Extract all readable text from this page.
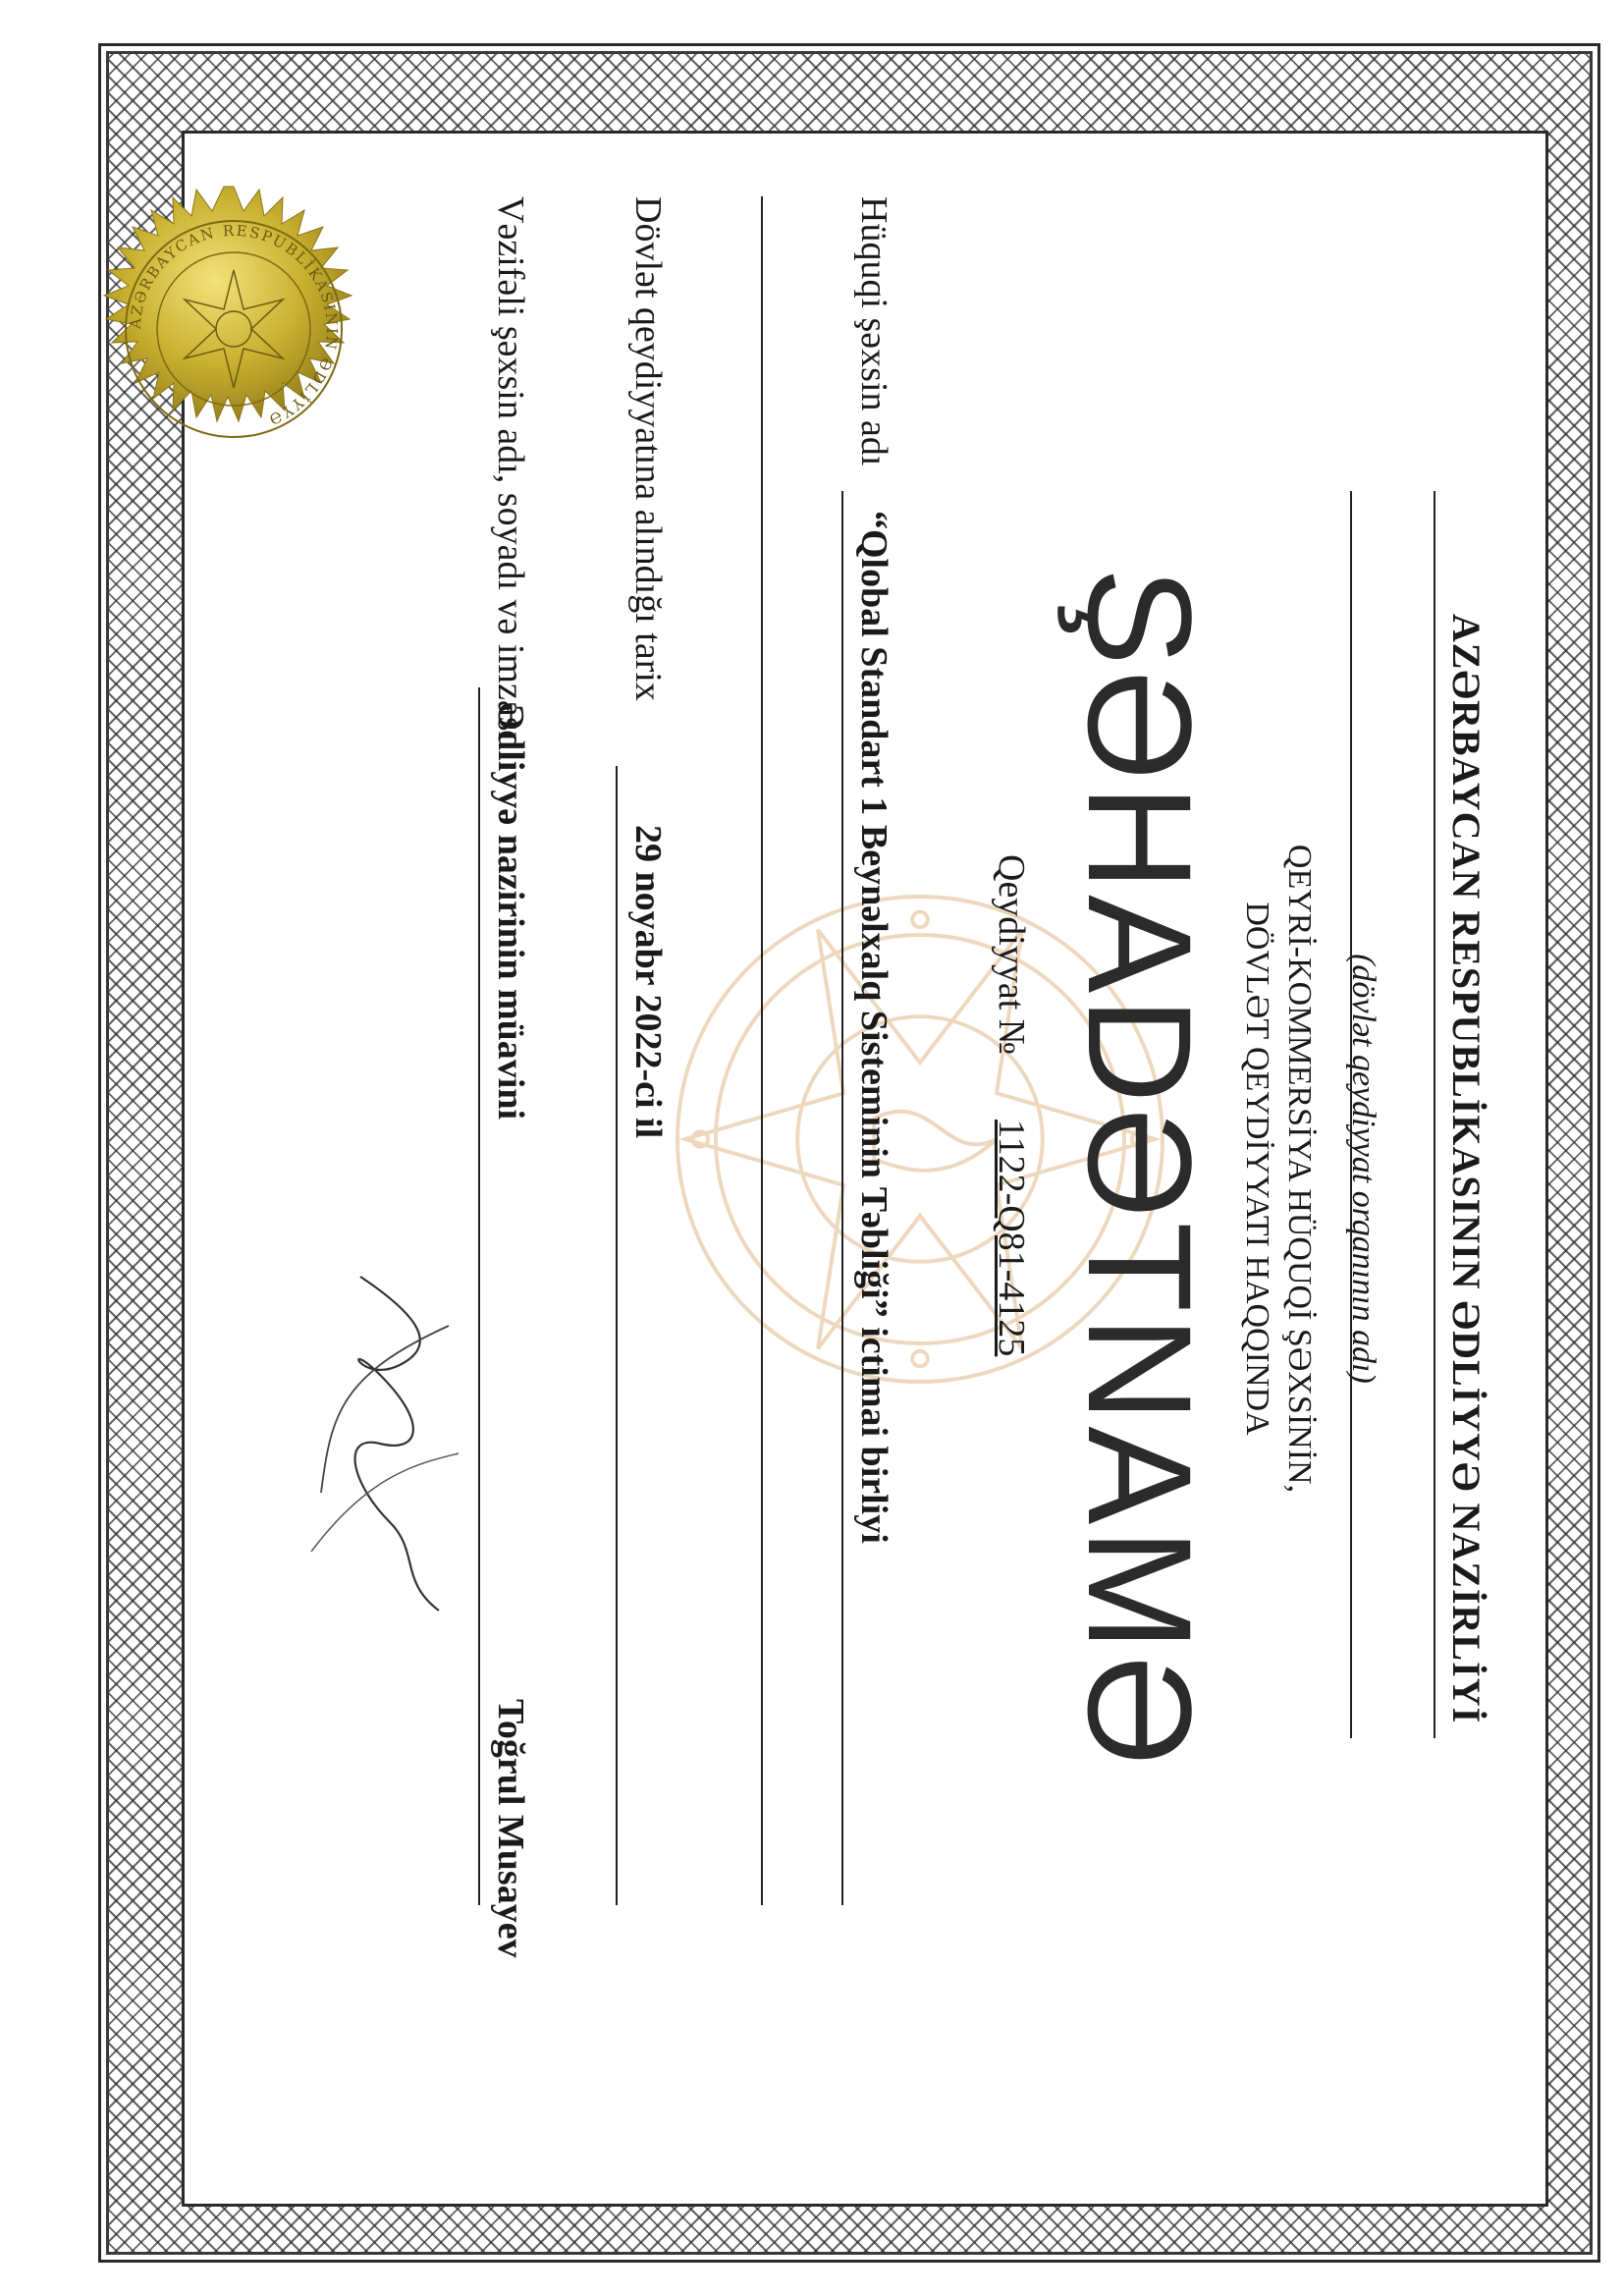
AZƏRBAYCAN RESPUBLİKASININ ƏDLİYYƏ NAZİRLİYİ
(dövlət qeydiyyat orqanının adı)
QEYRİ-KOMMERSİYA HÜQUQİ ŞƏXSİNİN,
DÖVLƏT QEYDİYYATI HAQQINDA
ŞƏHADƏTNAMƏ
Qeydiyyat №
1122-Q81-4125
Hüquqi şəxsin adı
“Qlobal Standart 1 Beynəlxalq Sisteminin Təbliği” ictimai birliyi
Dövlət qeydiyyatına alındığı tarix
29 noyabr 2022-ci il
Vəzifəli şəxsin adı, soyadı və imzası
Ədliyyə nazirinin müavini
Toğrul Musayev
AZƏRBAYCAN RESPUBLİKASININ ƏDLİYYƏ
